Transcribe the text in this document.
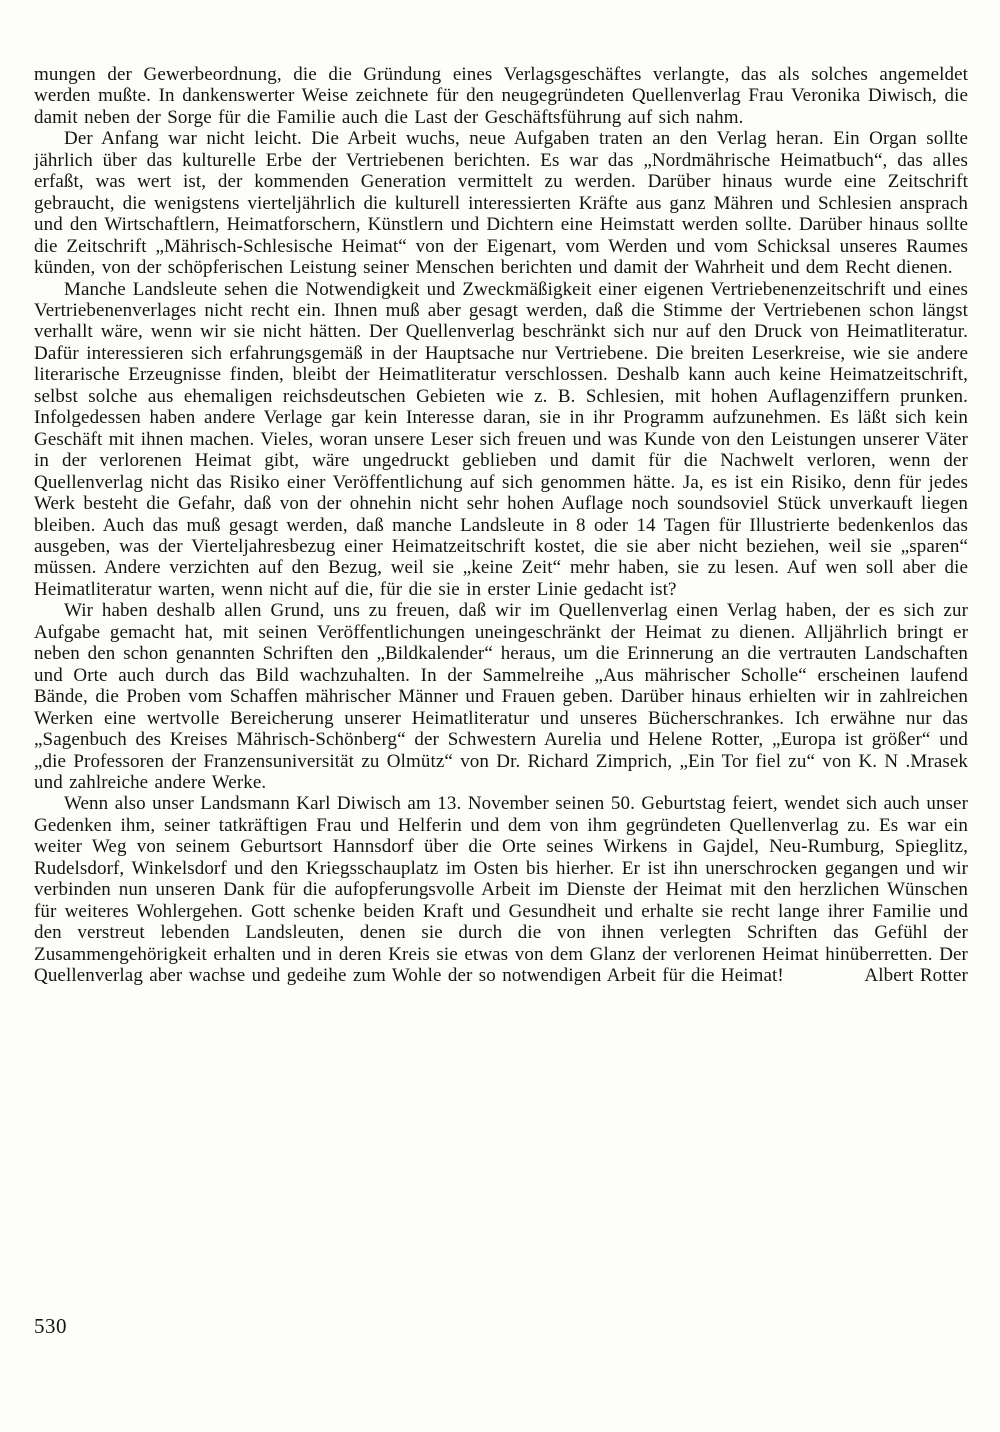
mungen der Gewerbeordnung, die die Gründung eines Verlagsgeschäftes verlangte, das als solches angemeldet werden mußte. In dankenswerter Weise zeichnete für den neugegründeten Quellenverlag Frau Veronika Diwisch, die damit neben der Sorge für die Familie auch die Last der Geschäftsführung auf sich nahm.

Der Anfang war nicht leicht. Die Arbeit wuchs, neue Aufgaben traten an den Verlag heran. Ein Organ sollte jährlich über das kulturelle Erbe der Vertriebenen berichten. Es war das „Nordmährische Heimatbuch“, das alles erfaßt, was wert ist, der kommenden Generation vermittelt zu werden. Darüber hinaus wurde eine Zeitschrift gebraucht, die wenigstens vierteljährlich die kulturell interessierten Kräfte aus ganz Mähren und Schlesien ansprach und den Wirtschaftlern, Heimatforschern, Künstlern und Dichtern eine Heimstatt werden sollte. Darüber hinaus sollte die Zeitschrift „Mährisch-Schlesische Heimat“ von der Eigenart, vom Werden und vom Schicksal unseres Raumes künden, von der schöpferischen Leistung seiner Menschen berichten und damit der Wahrheit und dem Recht dienen.

Manche Landsleute sehen die Notwendigkeit und Zweckmäßigkeit einer eigenen Vertriebenenzeitschrift und eines Vertriebenenverlages nicht recht ein. Ihnen muß aber gesagt werden, daß die Stimme der Vertriebenen schon längst verhallt wäre, wenn wir sie nicht hätten. Der Quellenverlag beschränkt sich nur auf den Druck von Heimatliteratur. Dafür interessieren sich erfahrungsgemäß in der Hauptsache nur Vertriebene. Die breiten Leserkreise, wie sie andere literarische Erzeugnisse finden, bleibt der Heimatliteratur verschlossen. Deshalb kann auch keine Heimatzeitschrift, selbst solche aus ehemaligen reichsdeutschen Gebieten wie z. B. Schlesien, mit hohen Auflagenziffern prunken. Infolgedessen haben andere Verlage gar kein Interesse daran, sie in ihr Programm aufzunehmen. Es läßt sich kein Geschäft mit ihnen machen. Vieles, woran unsere Leser sich freuen und was Kunde von den Leistungen unserer Väter in der verlorenen Heimat gibt, wäre ungedruckt geblieben und damit für die Nachwelt verloren, wenn der Quellenverlag nicht das Risiko einer Veröffentlichung auf sich genommen hätte. Ja, es ist ein Risiko, denn für jedes Werk besteht die Gefahr, daß von der ohnehin nicht sehr hohen Auflage noch soundsoviel Stück unverkauft liegen bleiben. Auch das muß gesagt werden, daß manche Landsleute in 8 oder 14 Tagen für Illustrierte bedenkenlos das ausgeben, was der Vierteljahresbezug einer Heimatzeitschrift kostet, die sie aber nicht beziehen, weil sie „sparen“ müssen. Andere verzichten auf den Bezug, weil sie „keine Zeit“ mehr haben, sie zu lesen. Auf wen soll aber die Heimatliteratur warten, wenn nicht auf die, für die sie in erster Linie gedacht ist?

Wir haben deshalb allen Grund, uns zu freuen, daß wir im Quellenverlag einen Verlag haben, der es sich zur Aufgabe gemacht hat, mit seinen Veröffentlichungen uneingeschränkt der Heimat zu dienen. Alljährlich bringt er neben den schon genannten Schriften den „Bildkalender“ heraus, um die Erinnerung an die vertrauten Landschaften und Orte auch durch das Bild wachzuhalten. In der Sammelreihe „Aus mährischer Scholle“ erscheinen laufend Bände, die Proben vom Schaffen mährischer Männer und Frauen geben. Darüber hinaus erhielten wir in zahlreichen Werken eine wertvolle Bereicherung unserer Heimatliteratur und unseres Bücherschrankes. Ich erwähne nur das „Sagenbuch des Kreises Mährisch-Schönberg“ der Schwestern Aurelia und Helene Rotter, „Europa ist größer“ und „die Professoren der Franzensuniversität zu Olmütz“ von Dr. Richard Zimprich, „Ein Tor fiel zu“ von K. N .Mrasek und zahlreiche andere Werke.

Wenn also unser Landsmann Karl Diwisch am 13. November seinen 50. Geburtstag feiert, wendet sich auch unser Gedenken ihm, seiner tatkräftigen Frau und Helferin und dem von ihm gegründeten Quellenverlag zu. Es war ein weiter Weg von seinem Geburtsort Hannsdorf über die Orte seines Wirkens in Gajdel, Neu-Rumburg, Spieglitz, Rudelsdorf, Winkelsdorf und den Kriegsschauplatz im Osten bis hierher. Er ist ihn unerschrocken gegangen und wir verbinden nun unseren Dank für die aufopferungsvolle Arbeit im Dienste der Heimat mit den herzlichen Wünschen für weiteres Wohlergehen. Gott schenke beiden Kraft und Gesundheit und erhalte sie recht lange ihrer Familie und den verstreut lebenden Landsleuten, denen sie durch die von ihnen verlegten Schriften das Gefühl der Zusammengehörigkeit erhalten und in deren Kreis sie etwas von dem Glanz der verlorenen Heimat hinüberretten. Der Quellenverlag aber wachse und gedeihe zum Wohle der so notwendigen Arbeit für die Heimat!	Albert Rotter

530
